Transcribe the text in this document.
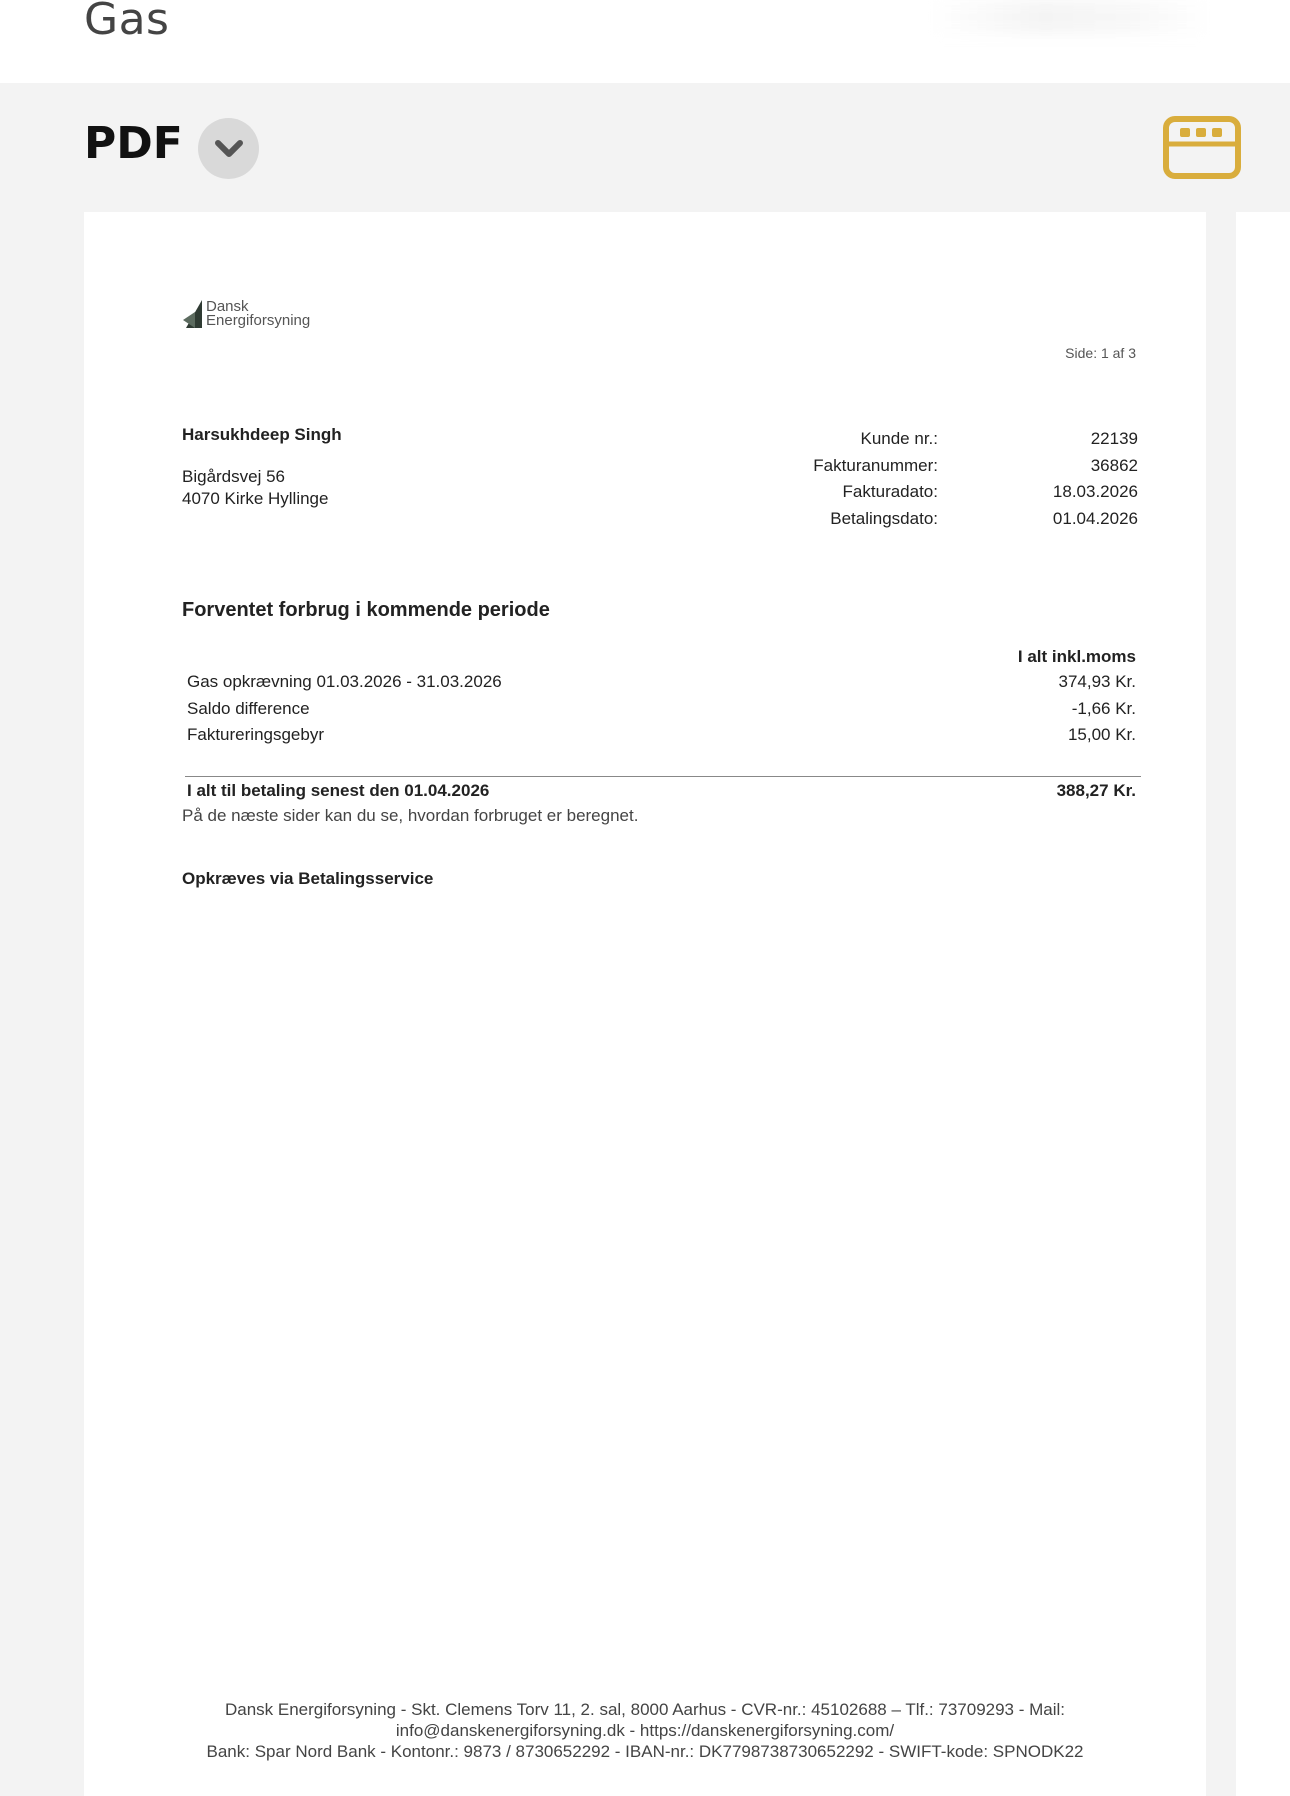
Gas
PDF
Dansk
Energiforsyning
Side: 1 af 3
Harsukhdeep Singh
Bigårdsvej 56
4070 Kirke Hyllinge
Kunde nr.:	22139
Fakturanummer:	36862
Fakturadato:	18.03.2026
Betalingsdato:	01.04.2026
Forventet forbrug i kommende periode
I alt inkl.moms
Gas opkrævning 01.03.2026 - 31.03.2026	374,93 Kr.
Saldo difference	-1,66 Kr.
Faktureringsgebyr	15,00 Kr.
I alt til betaling senest den 01.04.2026	388,27 Kr.
På de næste sider kan du se, hvordan forbruget er beregnet.
Opkræves via Betalingsservice
Dansk Energiforsyning - Skt. Clemens Torv 11, 2. sal, 8000 Aarhus - CVR-nr.: 45102688 – Tlf.: 73709293 - Mail:
info@danskenergiforsyning.dk - https://danskenergiforsyning.com/
Bank: Spar Nord Bank - Kontonr.: 9873 / 8730652292 - IBAN-nr.: DK7798738730652292 - SWIFT-kode: SPNODK22
